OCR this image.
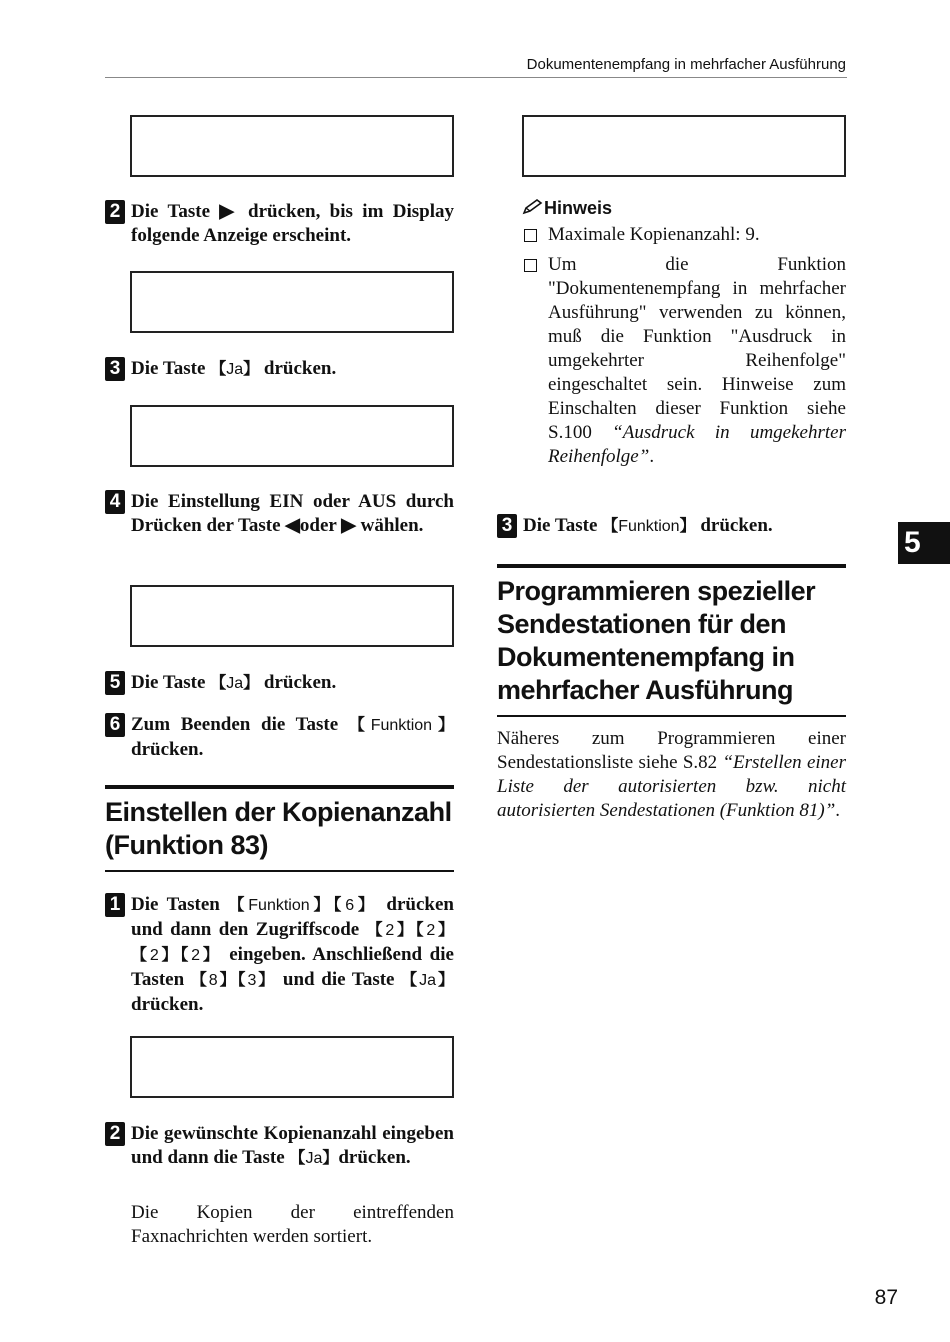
Dokumentenempfang in mehrfacher Ausführung

2 Die Taste ▶ drücken, bis im Display folgende Anzeige erscheint.

3 Die Taste 【 Ja 】 drücken.

4 Die Einstellung EIN oder AUS durch Drücken der Taste ◀oder ▶ wählen.

5 Die Taste 【 Ja 】 drücken.
6 Zum Beenden die Taste 【 Funktion 】 drücken.
Einstellen der Kopienanzahl (Funktion 83)
1 Die Tasten 【 Funktion 】 【 6 】 drücken und dann den Zugriffscode 【 2 】 【 2 】【 2 】 【 2 】 eingeben. Anschließend die Tasten 【 8 】 【 3 】 und die Taste 【 Ja 】 drücken.

2 Die gewünschte Kopienanzahl eingeben und dann die Taste 【 Ja 】 drücken.
Die Kopien der eintreffenden Faxnachrichten werden sortiert.

Hinweis
Maximale Kopienanzahl: 9.
Um die Funktion "Dokumentenempfang in mehrfacher Ausführung" verwenden zu können, muß die Funktion "Ausdruck in umgekehrter Reihenfolge" eingeschaltet sein. Hinweise zum Einschalten dieser Funktion siehe S.100 “Ausdruck in umgekehrter Reihenfolge”.
3 Die Taste 【 Funktion 】 drücken.
Programmieren spezieller Sendestationen für den Dokumentenempfang in mehrfacher Ausführung
Näheres zum Programmieren einer Sendestationsliste siehe S.82 “Erstellen einer Liste der autorisierten bzw. nicht autorisierten Sendestationen (Funktion 81)”.
5
87
